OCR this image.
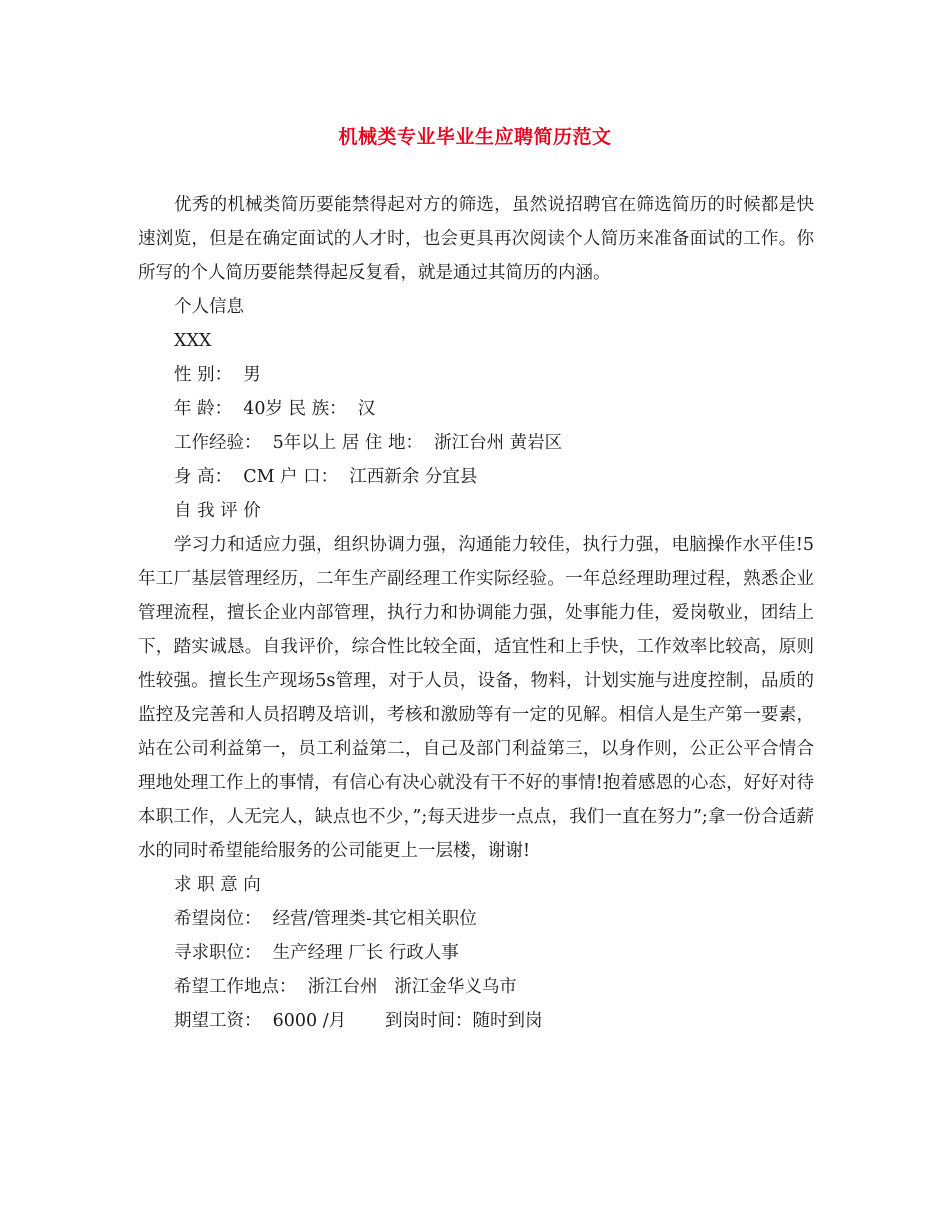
机械类专业毕业生应聘简历范文

优秀的机械类简历要能禁得起对方的筛选，虽然说招聘官在筛选简历的时候都是快速浏览，但是在确定面试的人才时，也会更具再次阅读个人简历来准备面试的工作。你所写的个人简历要能禁得起反复看，就是通过其简历的内涵。

个人信息

XXX

性 别：  男

年 龄：  40岁 民 族：  汉

工作经验：  5年以上 居 住 地：  浙江台州 黄岩区

身 高：  CM 户 口：  江西新余 分宜县

自 我 评 价

学习力和适应力强，组织协调力强，沟通能力较佳，执行力强，电脑操作水平佳!5年工厂基层管理经历，二年生产副经理工作实际经验。一年总经理助理过程，熟悉企业管理流程，擅长企业内部管理，执行力和协调能力强，处事能力佳，爱岗敬业，团结上下，踏实诚恳。自我评价，综合性比较全面，适宜性和上手快，工作效率比较高，原则性较强。擅长生产现场5s管理，对于人员，设备，物料，计划实施与进度控制，品质的监控及完善和人员招聘及培训，考核和激励等有一定的见解。相信人是生产第一要素，站在公司利益第一，员工利益第二，自己及部门利益第三，以身作则，公正公平合情合理地处理工作上的事情，有信心有决心就没有干不好的事情!抱着感恩的心态，好好对待本职工作，人无完人，缺点也不少，”;每天进步一点点，我们一直在努力”;拿一份合适薪水的同时希望能给服务的公司能更上一层楼，谢谢!

求 职 意 向

希望岗位：  经营/管理类-其它相关职位

寻求职位：  生产经理 厂长 行政人事

希望工作地点：  浙江台州   浙江金华义乌市

期望工资：  6000 /月       到岗时间：随时到岗
